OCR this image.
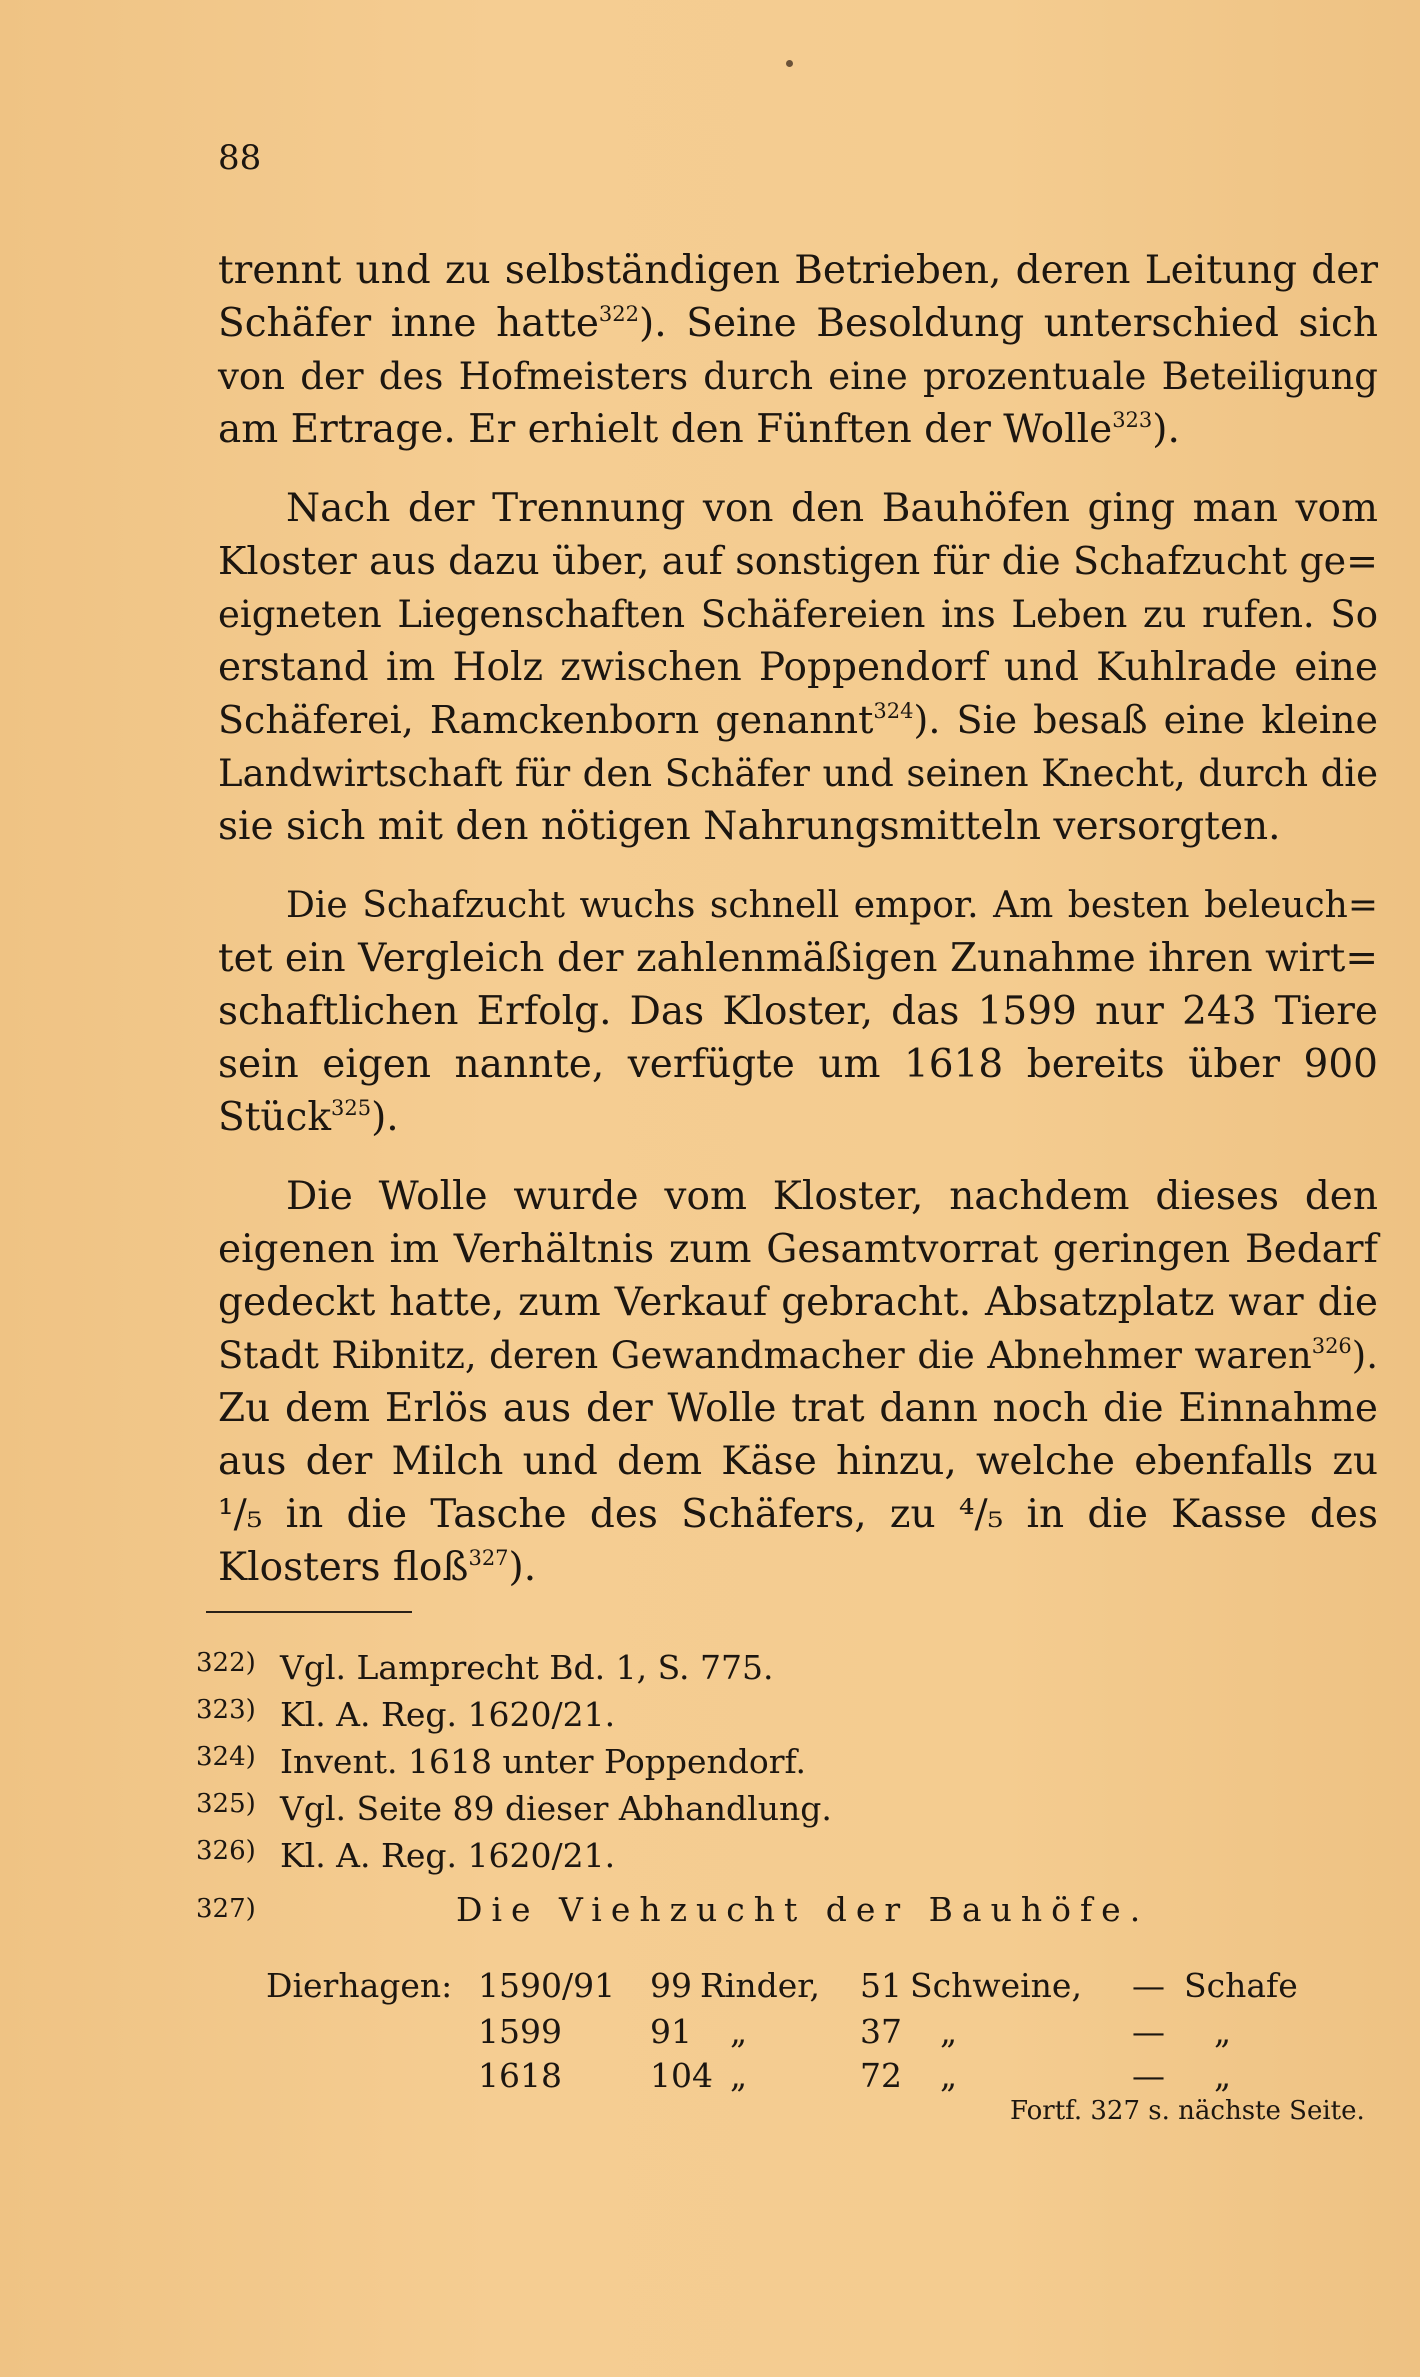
88
trennt und zu selbständigen Betrieben, deren Leitung der
Schäfer inne hatte$^{322}$). Seine Besoldung unterschied sich
von der des Hofmeisters durch eine prozentuale Beteiligung
am Ertrage. Er erhielt den Fünften der Wolle$^{323}$).
Nach der Trennung von den Bauhöfen ging man vom
Kloster aus dazu über, auf sonstigen für die Schafzucht ge=
eigneten Liegenschaften Schäfereien ins Leben zu rufen. So
erstand im Holz zwischen Poppendorf und Kuhlrade eine
Schäferei, Ramckenborn genannt$^{324}$). Sie besaß eine kleine
Landwirtschaft für den Schäfer und seinen Knecht, durch die
sie sich mit den nötigen Nahrungsmitteln versorgten.
Die Schafzucht wuchs schnell empor. Am besten beleuch=
tet ein Vergleich der zahlenmäßigen Zunahme ihren wirt=
schaftlichen Erfolg. Das Kloster, das 1599 nur 243 Tiere
sein eigen nannte, verfügte um 1618 bereits über 900
Stück$^{325}$).
Die Wolle wurde vom Kloster, nachdem dieses den
eigenen im Verhältnis zum Gesamtvorrat geringen Bedarf
gedeckt hatte, zum Verkauf gebracht. Absatzplatz war die
Stadt Ribnitz, deren Gewandmacher die Abnehmer waren$^{326}$).
Zu dem Erlös aus der Wolle trat dann noch die Einnahme
aus der Milch und dem Käse hinzu, welche ebenfalls zu
¹/₅ in die Tasche des Schäfers, zu ⁴/₅ in die Kasse des
Klosters floß$^{327}$).
322) Vgl. Lamprecht Bd. 1, S. 775.
323) Kl. A. Reg. 1620/21.
324) Invent. 1618 unter Poppendorf.
325) Vgl. Seite 89 dieser Abhandlung.
326) Kl. A. Reg. 1620/21.
327)	Die Viehzucht der Bauhöfe.
Dierhagen: 1590/91 99 Rinder, 51 Schweine, — Schafe
1599	91	„	37	„	—	„
1618	104 „	72	„	—	„
Fortf. 327 s. nächste Seite.
